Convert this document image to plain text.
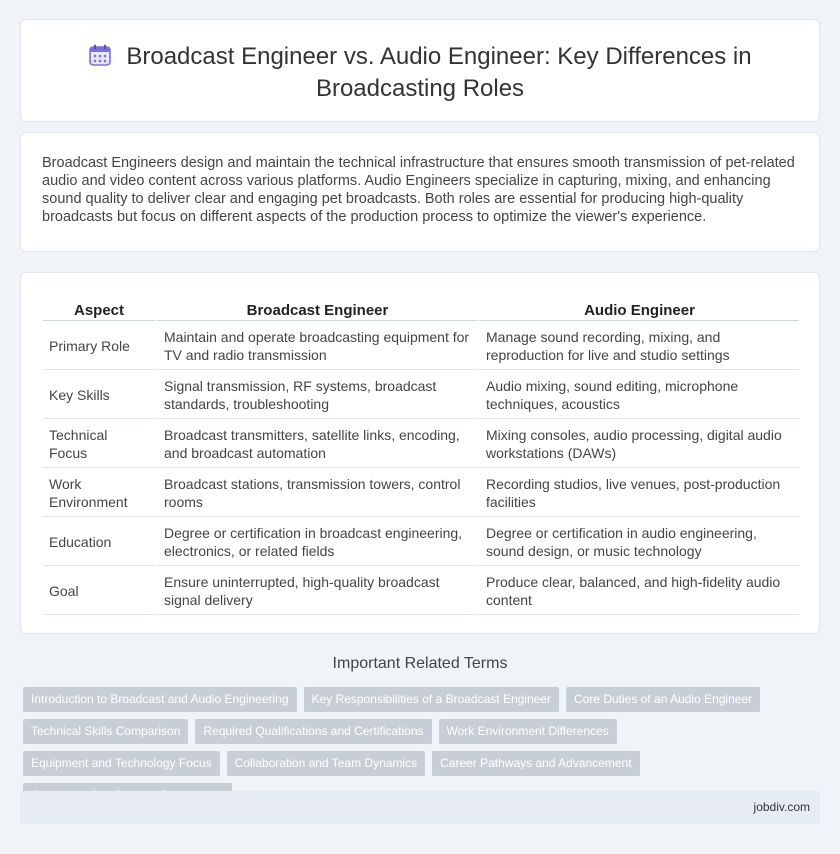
Broadcast Engineer vs. Audio Engineer: Key Differences in Broadcasting Roles

Broadcast Engineers design and maintain the technical infrastructure that ensures smooth transmission of pet-related audio and video content across various platforms. Audio Engineers specialize in capturing, mixing, and enhancing sound quality to deliver clear and engaging pet broadcasts. Both roles are essential for producing high-quality broadcasts but focus on different aspects of the production process to optimize the viewer's experience.

Aspect	Broadcast Engineer	Audio Engineer
Primary Role	Maintain and operate broadcasting equipment for TV and radio transmission	Manage sound recording, mixing, and reproduction for live and studio settings
Key Skills	Signal transmission, RF systems, broadcast standards, troubleshooting	Audio mixing, sound editing, microphone techniques, acoustics
Technical Focus	Broadcast transmitters, satellite links, encoding, and broadcast automation	Mixing consoles, audio processing, digital audio workstations (DAWs)
Work Environment	Broadcast stations, transmission towers, control rooms	Recording studios, live venues, post-production facilities
Education	Degree or certification in broadcast engineering, electronics, or related fields	Degree or certification in audio engineering, sound design, or music technology
Goal	Ensure uninterrupted, high-quality broadcast signal delivery	Produce clear, balanced, and high-fidelity audio content
Important Related Terms
Introduction to Broadcast and Audio Engineering	Key Responsibilities of a Broadcast Engineer	Core Duties of an Audio Engineer
Technical Skills Comparison	Required Qualifications and Certifications	Work Environment Differences
Equipment and Technology Focus	Collaboration and Team Dynamics	Career Pathways and Advancement
jobdiv.com
